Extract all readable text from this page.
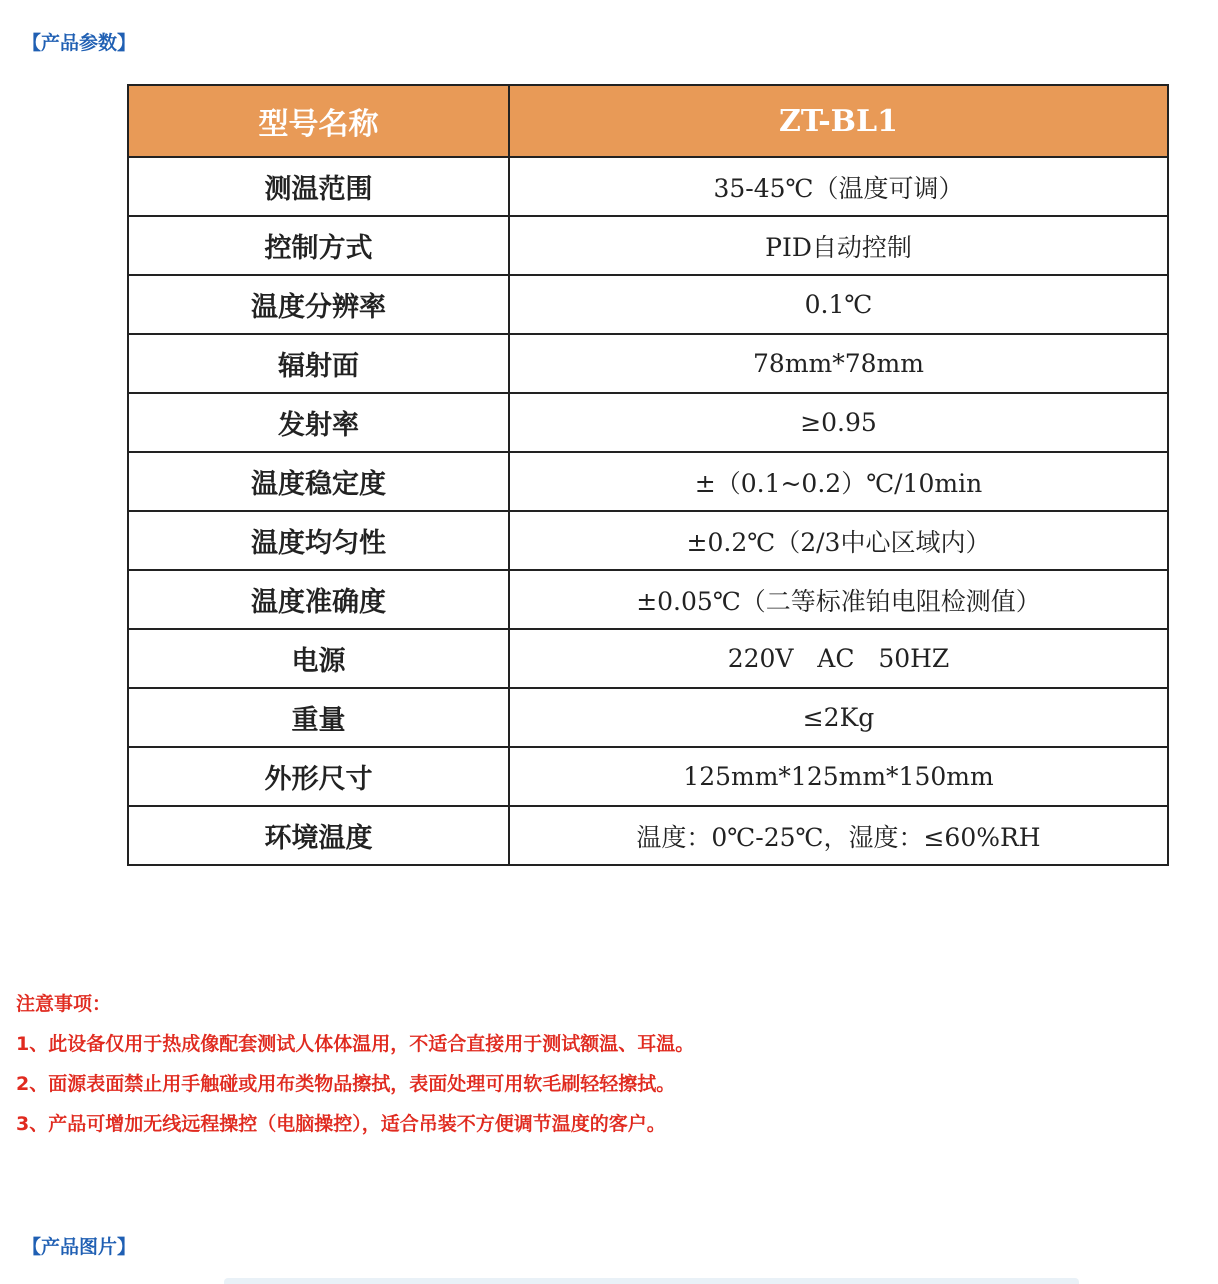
【产品参数】
型号名称	ZT-BL1
测温范围	35-45℃（温度可调）
控制方式	PID自动控制
温度分辨率	0.1℃
辐射面	78mm*78mm
发射率	≥0.95
温度稳定度	±（0.1~0.2）℃/10min
温度均匀性	±0.2℃（2/3中心区域内）
温度准确度	±0.05℃（二等标准铂电阻检测值）
电源	220V   AC   50HZ
重量	≤2Kg
外形尺寸	125mm*125mm*150mm
环境温度	温度：0℃-25℃，湿度：≤60%RH
注意事项：
1、此设备仅用于热成像配套测试人体体温用，不适合直接用于测试额温、耳温。
2、面源表面禁止用手触碰或用布类物品擦拭，表面处理可用软毛刷轻轻擦拭。
3、产品可增加无线远程操控（电脑操控），适合吊装不方便调节温度的客户。
【产品图片】
